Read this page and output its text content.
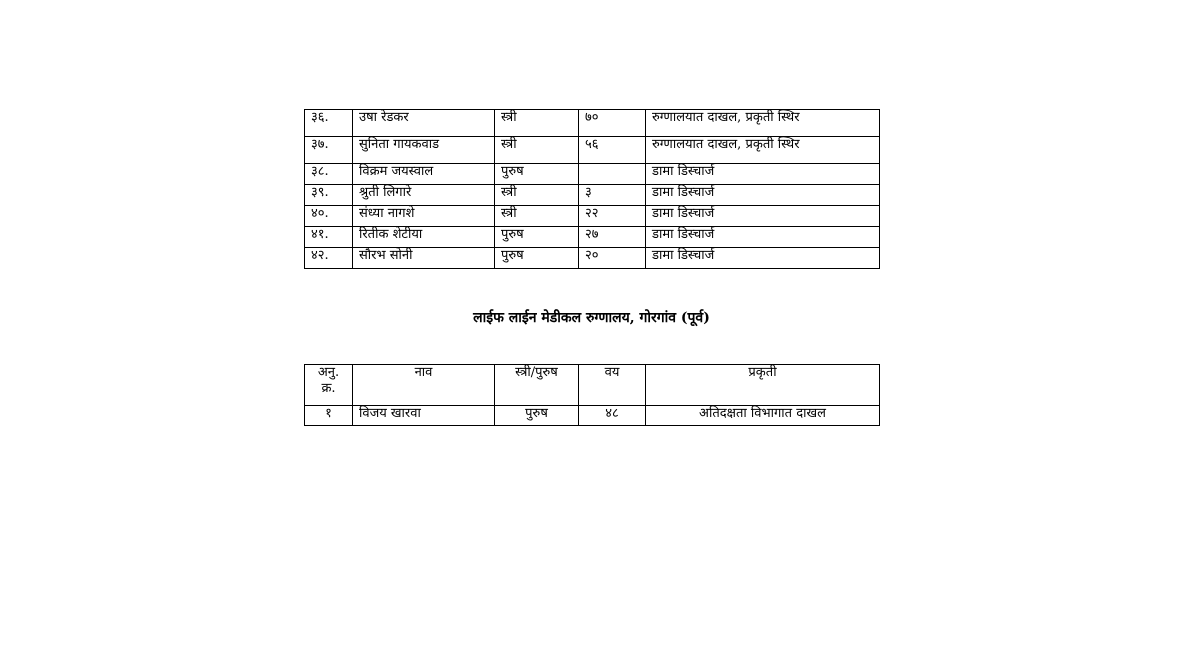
३६.	उषा रेडकर	स्त्री	७०	रुग्णालयात दाखल, प्रकृती स्थिर
३७.	सुनिता गायकवाड	स्त्री	५६	रुग्णालयात दाखल, प्रकृती स्थिर
३८.	विक्रम जयस्वाल	पुरुष		डामा डिस्चार्ज
३९.	श्रुती लिगारे	स्त्री	३	डामा डिस्चार्ज
४०.	संध्या नागशे	स्त्री	२२	डामा डिस्चार्ज
४१.	रितीक शेटीया	पुरुष	२७	डामा डिस्चार्ज
४२.	सौरभ सोनी	पुरुष	२०	डामा डिस्चार्ज
लाईफ लाईन मेडीकल रुग्णालय, गोरगांव (पूर्व)
अनु. क्र.	नाव	स्त्री/पुरुष	वय	प्रकृती
१	विजय खारवा	पुरुष	४८	अतिदक्षता विभागात दाखल
